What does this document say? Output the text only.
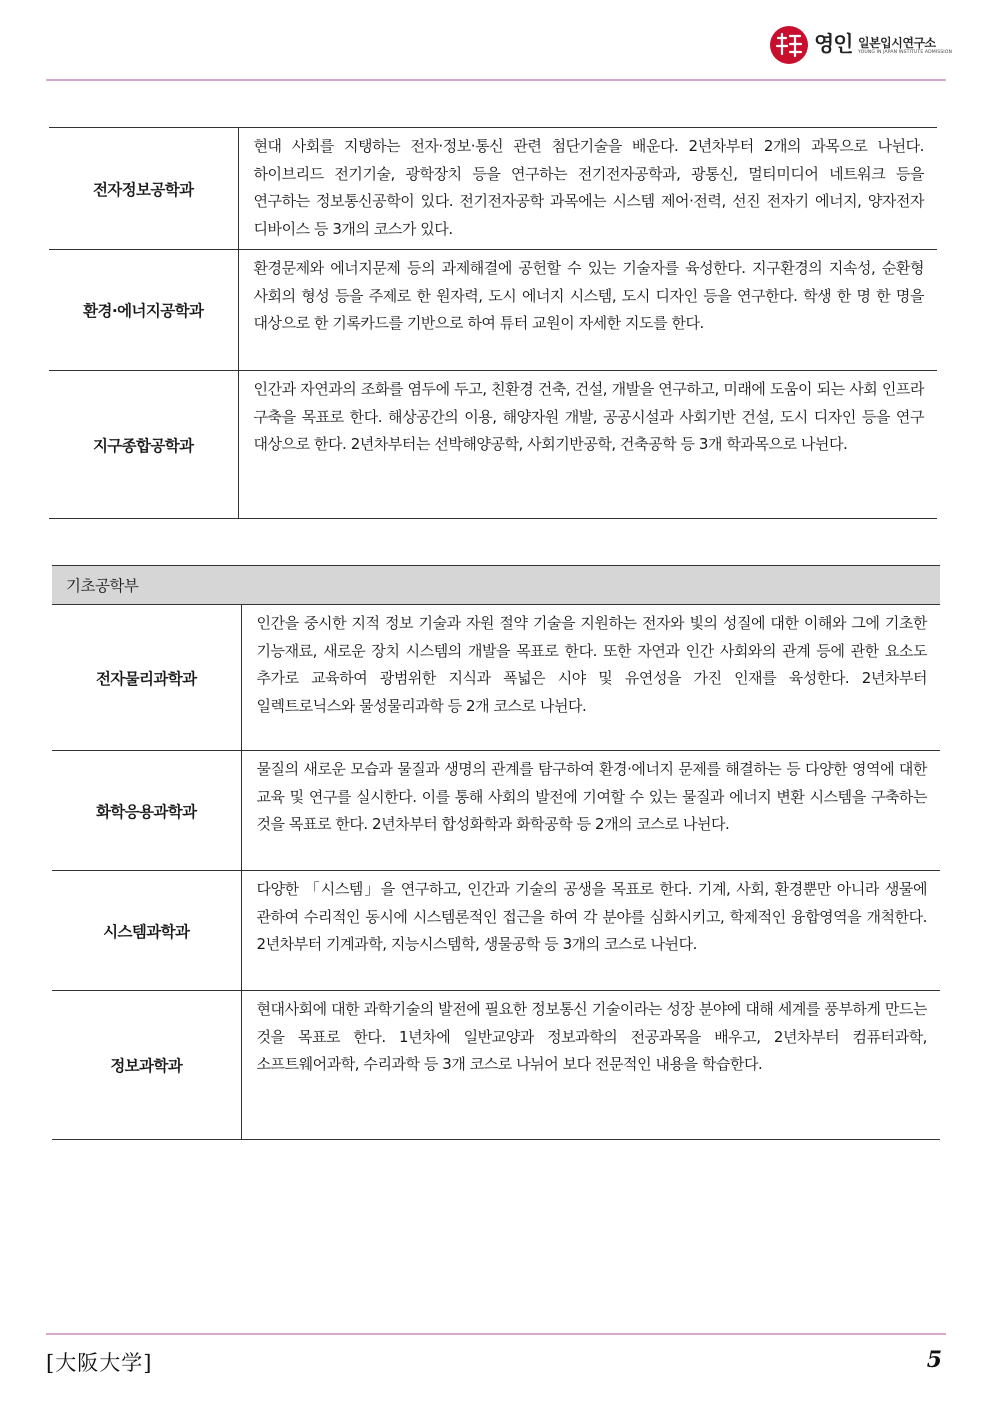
영인 일본입시연구소
YOUNG IN JAPAN INSTITUTE ADMISSION
전자정보공학과	현대 사회를 지탱하는 전자·정보·통신 관련 첨단기술을 배운다. 2년차부터 2개의 과목으로 나뉜다. 하이브리드 전기기술, 광학장치 등을 연구하는 전기전자공학과, 광통신, 멀티미디어 네트워크 등을 연구하는 정보통신공학이 있다. 전기전자공학 과목에는 시스템 제어·전력, 선진 전자기 에너지, 양자전자 디바이스 등 3개의 코스가 있다.

환경·에너지공학과	환경문제와 에너지문제 등의 과제해결에 공헌할 수 있는 기술자를 육성한다. 지구환경의 지속성, 순환형 사회의 형성 등을 주제로 한 원자력, 도시 에너지 시스템, 도시 디자인 등을 연구한다. 학생 한 명 한 명을 대상으로 한 기록카드를 기반으로 하여 튜터 교원이 자세한 지도를 한다.

지구종합공학과	인간과 자연과의 조화를 염두에 두고, 친환경 건축, 건설, 개발을 연구하고, 미래에 도움이 되는 사회 인프라 구축을 목표로 한다. 해상공간의 이용, 해양자원 개발, 공공시설과 사회기반 건설, 도시 디자인 등을 연구 대상으로 한다. 2년차부터는 선박해양공학, 사회기반공학, 건축공학 등 3개 학과목으로 나뉜다.
기초공학부	
전자물리과학과	인간을 중시한 지적 정보 기술과 자원 절약 기술을 지원하는 전자와 빛의 성질에 대한 이해와 그에 기초한 기능재료, 새로운 장치 시스템의 개발을 목표로 한다. 또한 자연과 인간 사회와의 관계 등에 관한 요소도 추가로 교육하여 광범위한 지식과 폭넓은 시야 및 유연성을 가진 인재를 육성한다. 2년차부터 일렉트로닉스와 물성물리과학 등 2개 코스로 나뉜다.

화학응용과학과	물질의 새로운 모습과 물질과 생명의 관계를 탐구하여 환경·에너지 문제를 해결하는 등 다양한 영역에 대한 교육 및 연구를 실시한다. 이를 통해 사회의 발전에 기여할 수 있는 물질과 에너지 변환 시스템을 구축하는 것을 목표로 한다. 2년차부터 합성화학과 화학공학 등 2개의 코스로 나뉜다.

시스템과학과	다양한 「시스템」을 연구하고, 인간과 기술의 공생을 목표로 한다. 기계, 사회, 환경뿐만 아니라 생물에 관하여 수리적인 동시에 시스템론적인 접근을 하여 각 분야를 심화시키고, 학제적인 융합영역을 개척한다. 2년차부터 기계과학, 지능시스템학, 생물공학 등 3개의 코스로 나뉜다.

정보과학과	현대사회에 대한 과학기술의 발전에 필요한 정보통신 기술이라는 성장 분야에 대해 세계를 풍부하게 만드는 것을 목표로 한다. 1년차에 일반교양과 정보과학의 전공과목을 배우고, 2년차부터 컴퓨터과학, 소프트웨어과학, 수리과학 등 3개 코스로 나뉘어 보다 전문적인 내용을 학습한다.
[大阪大学]	5
